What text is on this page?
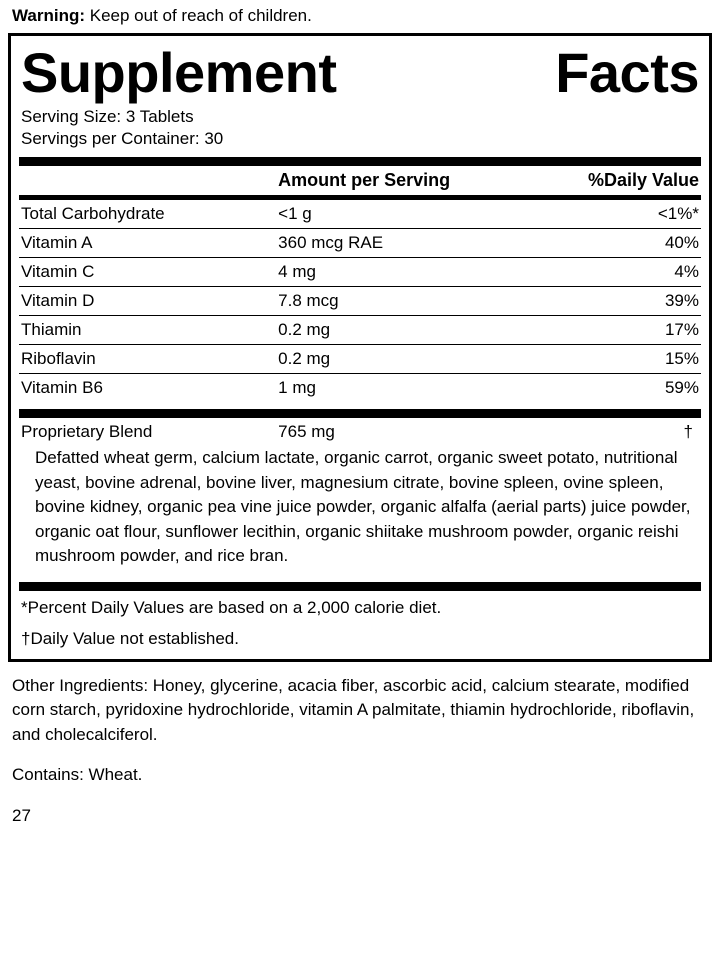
Warning: Keep out of reach of children.
Supplement	Facts
Serving Size: 3 Tablets
Servings per Container: 30
	Amount per Serving	%Daily Value
Total Carbohydrate	<1 g	<1%*
Vitamin A	360 mcg RAE	40%
Vitamin C	4 mg	4%
Vitamin D	7.8 mcg	39%
Thiamin	0.2 mg	17%
Riboflavin	0.2 mg	15%
Vitamin B6	1 mg	59%
Proprietary Blend	765 mg	†
Defatted wheat germ, calcium lactate, organic carrot, organic sweet potato, nutritional yeast, bovine adrenal, bovine liver, magnesium citrate, bovine spleen, ovine spleen, bovine kidney, organic pea vine juice powder, organic alfalfa (aerial parts) juice powder, organic oat flour, sunflower lecithin, organic shiitake mushroom powder, organic reishi mushroom powder, and rice bran.
*Percent Daily Values are based on a 2,000 calorie diet.
†Daily Value not established.
Other Ingredients: Honey, glycerine, acacia fiber, ascorbic acid, calcium stearate, modified corn starch, pyridoxine hydrochloride, vitamin A palmitate, thiamin hydrochloride, riboflavin, and cholecalciferol.
Contains: Wheat.
27
